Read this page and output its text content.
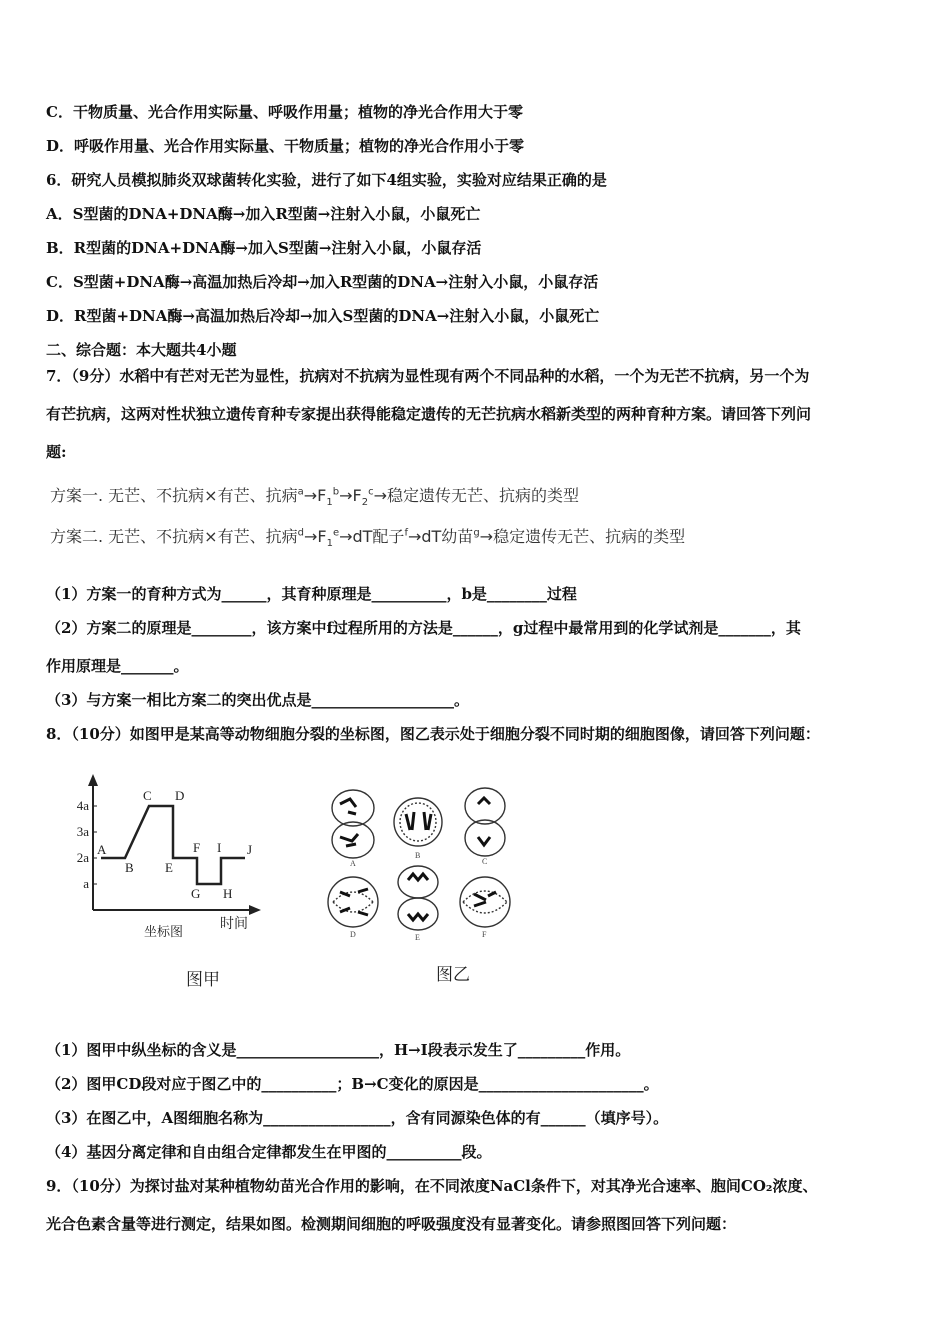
C．干物质量、光合作用实际量、呼吸作用量；植物的净光合作用大于零
D．呼吸作用量、光合作用实际量、干物质量；植物的净光合作用小于零
6．研究人员模拟肺炎双球菌转化实验，进行了如下4组实验，实验对应结果正确的是
A．S型菌的DNA+DNA酶→加入R型菌→注射入小鼠，小鼠死亡
B．R型菌的DNA+DNA酶→加入S型菌→注射入小鼠，小鼠存活
C．S型菌+DNA酶→高温加热后冷却→加入R型菌的DNA→注射入小鼠，小鼠存活
D．R型菌+DNA酶→高温加热后冷却→加入S型菌的DNA→注射入小鼠，小鼠死亡
二、综合题：本大题共4小题
7．（9分）水稻中有芒对无芒为显性，抗病对不抗病为显性现有两个不同品种的水稻，一个为无芒不抗病，另一个为
有芒抗病，这两对性状独立遗传育种专家提出获得能稳定遗传的无芒抗病水稻新类型的两种育种方案。请回答下列问
题:
方案一. 无芒、不抗病×有芒、抗病$^a\to F_1^b\to F_2^c\to$稳定遗传无芒、抗病的类型
方案二. 无芒、不抗病×有芒、抗病$^d\to F_1^e\to dT$配子$^f$→dT幼苗$^g$→稳定遗传无芒、抗病的类型
（1）方案一的育种方式为______，其育种原理是__________，b是________过程
（2）方案二的原理是________，该方案中f过程所用的方法是______，g过程中最常用到的化学试剂是_______，其
作用原理是_______。
（3）与方案一相比方案二的突出优点是___________________。
8．（10分）如图甲是某高等动物细胞分裂的坐标图，图乙表示处于细胞分裂不同时期的细胞图像，请回答下列问题：
a
2a
3a
4a
A
B
C D
E
F
G H
I J
时间
坐标图
图甲
A
B
C
D	E	F
图乙
（1）图甲中纵坐标的含义是___________________，H→I段表示发生了_________作用。
（2）图甲CD段对应于图乙中的__________；B→C变化的原因是______________________。
（3）在图乙中，A图细胞名称为_________________，含有同源染色体的有______（填序号）。
（4）基因分离定律和自由组合定律都发生在甲图的__________段。
9．（10分）为探讨盐对某种植物幼苗光合作用的影响，在不同浓度NaCl条件下，对其净光合速率、胞间CO₂浓度、
光合色素含量等进行测定，结果如图。检测期间细胞的呼吸强度没有显著变化。请参照图回答下列问题：
